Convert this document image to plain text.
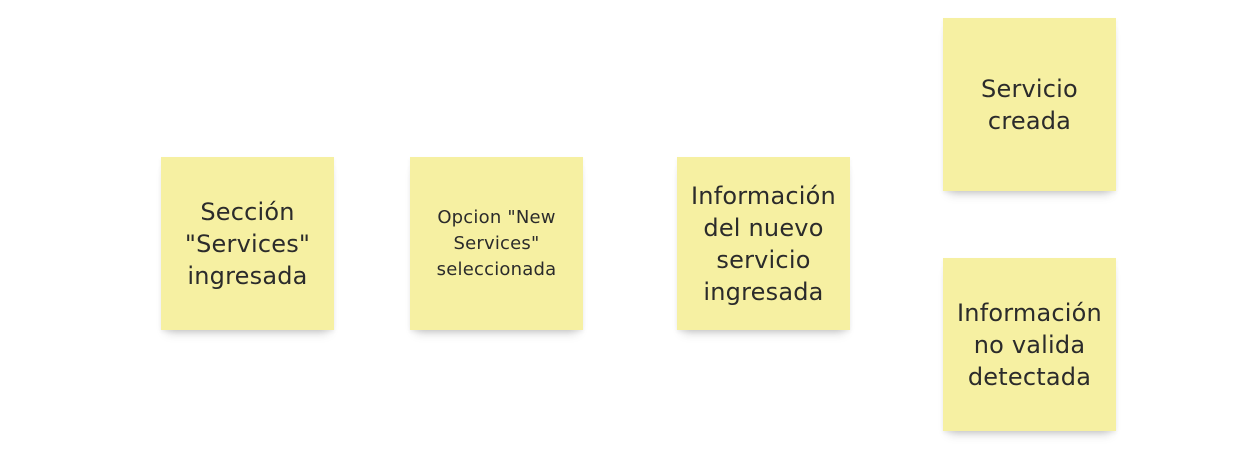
Sección "Services" ingresada
Opcion "New Services" seleccionada
Información del nuevo servicio ingresada
Servicio creada
Información no valida detectada
